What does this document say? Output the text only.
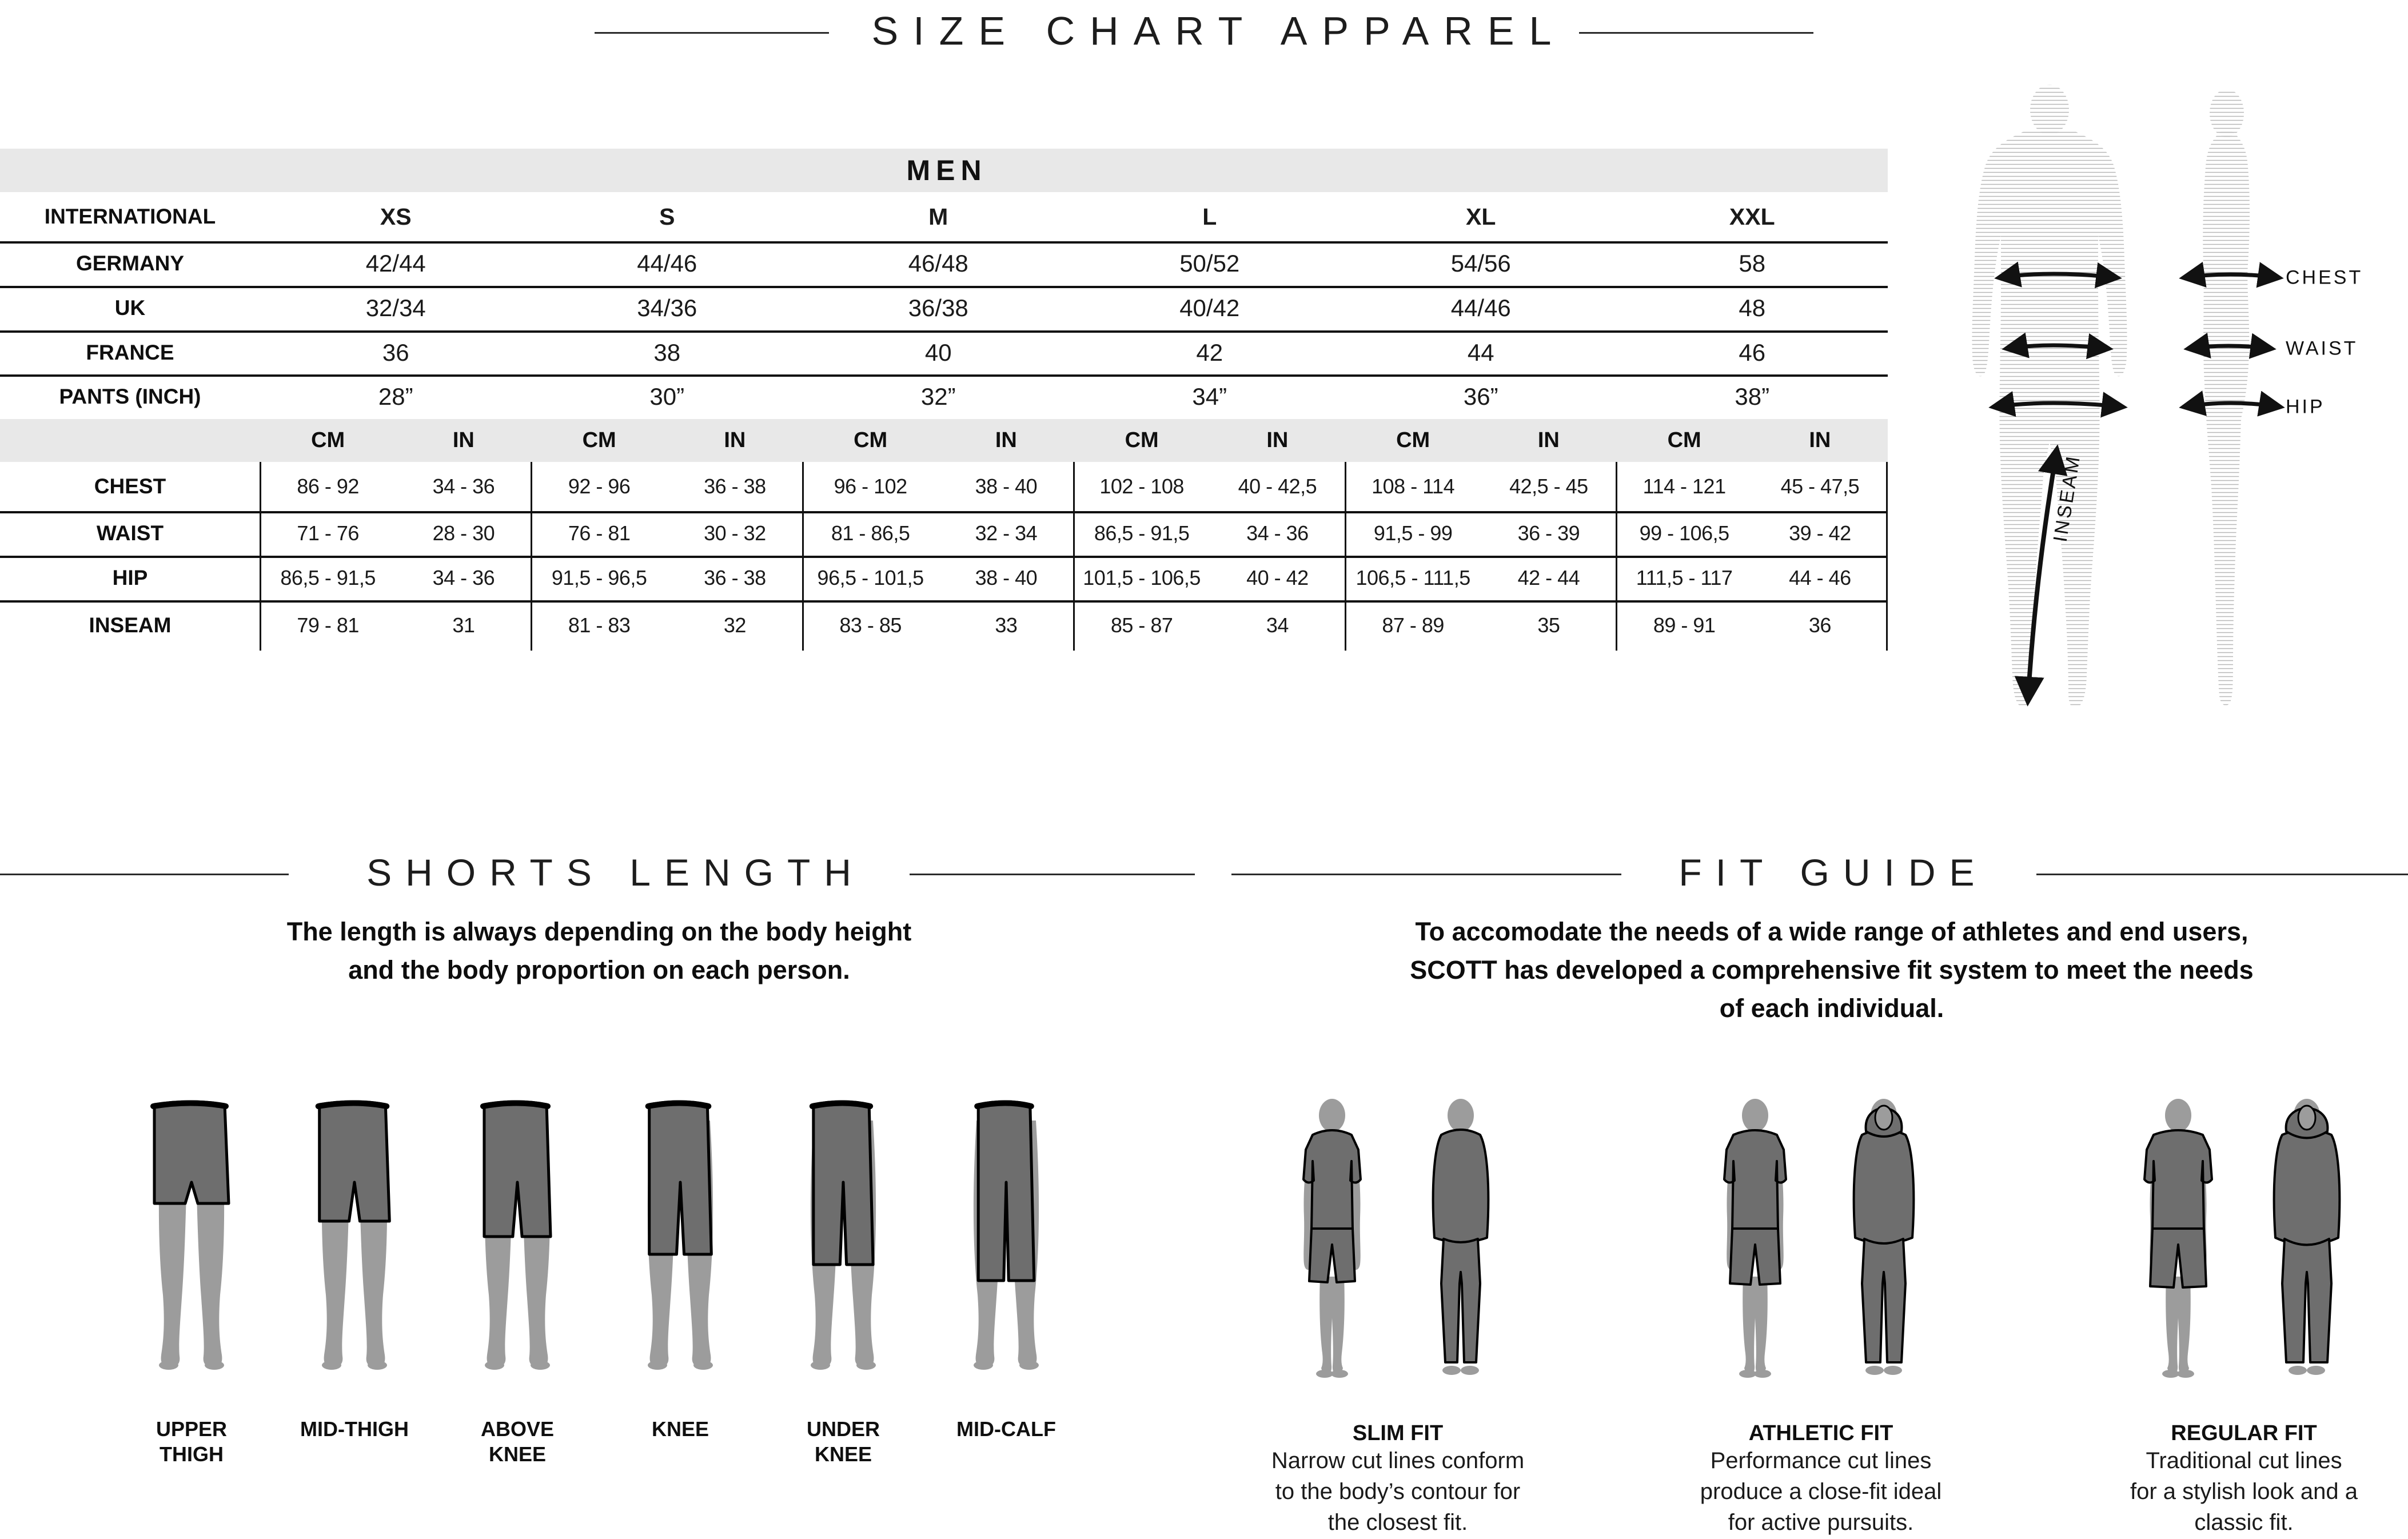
SIZE CHART APPAREL
MEN
INTERNATIONAL	XS	S	M	L	XL	XXL
GERMANY	42/44	44/46	46/48	50/52	54/56	58
UK	32/34	34/36	36/38	40/42	44/46	48
FRANCE	36	38	40	42	44	46
PANTS (INCH)	28”	30”	32”	34”	36”	38”
CM	IN	CM	IN	CM	IN	CM	IN	CM	IN	CM	IN
CHEST	86 - 92	34 - 36	92 - 96	36 - 38	96 - 102	38 - 40	102 - 108	40 - 42,5	108 - 114	42,5 - 45	114 - 121	45 - 47,5
WAIST	71 - 76	28 - 30	76 - 81	30 - 32	81 - 86,5	32 - 34	86,5 - 91,5	34 - 36	91,5 - 99	36 - 39	99 - 106,5	39 - 42
HIP	86,5 - 91,5	34 - 36	91,5 - 96,5	36 - 38	96,5 - 101,5	38 - 40	101,5 - 106,5	40 - 42	106,5 - 111,5	42 - 44	111,5 - 117	44 - 46
INSEAM	79 - 81	31	81 - 83	32	83 - 85	33	85 - 87	34	87 - 89	35	89 - 91	36
CHEST
WAIST
HIP
INSEAM
SHORTS LENGTH	FIT GUIDE
The length is always depending on the body height
and the body proportion on each person.
To accomodate the needs of a wide range of athletes and end users,
SCOTT has developed a comprehensive fit system to meet the needs
of each individual.
UPPER
THIGH
MID-THIGH	ABOVE
KNEE
KNEE	UNDER
KNEE
MID-CALF	SLIM FIT
Narrow cut lines conform
to the body’s contour for
the closest fit.
ATHLETIC FIT
Performance cut lines
produce a close-fit ideal
for active pursuits.
REGULAR FIT
Traditional cut lines
for a stylish look and a
classic fit.
